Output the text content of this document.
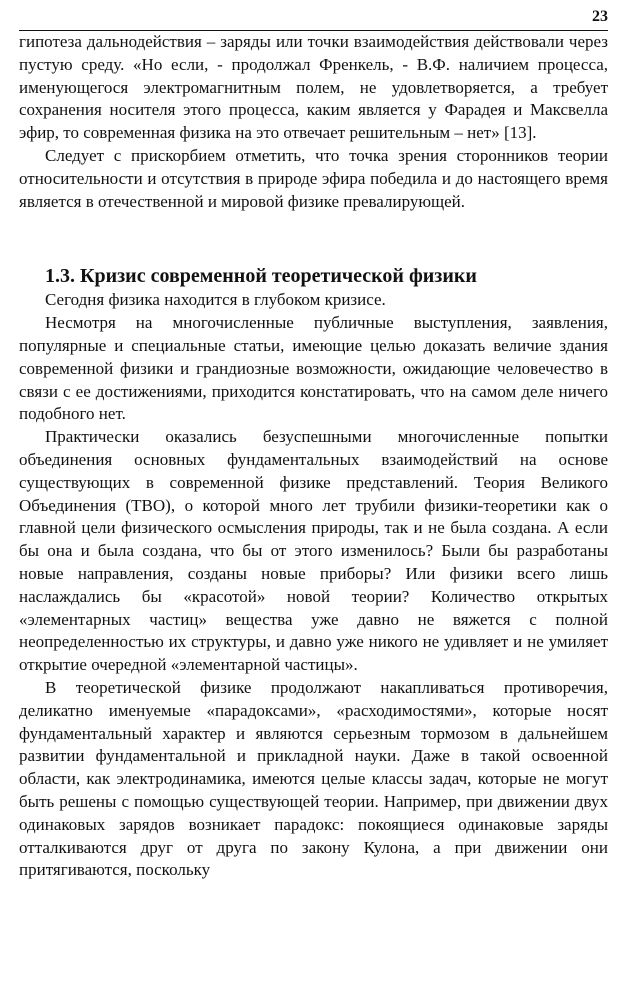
23

гипотеза дальнодействия – заряды или точки взаимодействия действовали через пустую среду. «Но если, - продолжал Френкель, - В.Ф. наличием процесса, именующегося электромагнитным полем, не удовлетворяется, а требует сохранения носителя этого процесса, каким является у Фарадея и Максвелла эфир, то современная физика на это отвечает решительным – нет» [13].

Следует с прискорбием отметить, что точка зрения сторонников теории относительности и отсутствия в природе эфира победила и до настоящего время является в отечественной и мировой физике превалирующей.

1.3. Кризис современной теоретической физики

Сегодня физика находится в глубоком кризисе.

Несмотря на многочисленные публичные выступления, заявления, популярные и специальные статьи, имеющие целью доказать величие здания современной физики и грандиозные возможности, ожидающие человечество в связи с ее достижениями, приходится констатировать, что на самом деле ничего подобного нет.

Практически оказались безуспешными многочисленные попытки объединения основных фундаментальных взаимодействий на основе существующих в современной физике представлений. Теория Великого Объединения (ТВО), о которой много лет трубили физики-теоретики как о главной цели физического осмысления природы, так и не была создана. А если бы она и была создана, что бы от этого изменилось? Были бы разработаны новые направления, созданы новые приборы? Или физики всего лишь наслаждались бы «красотой» новой теории? Количество открытых «элементарных частиц» вещества уже давно не вяжется с полной неопределенностью их структуры, и давно уже никого не удивляет и не умиляет открытие очередной «элементарной частицы».

В теоретической физике продолжают накапливаться противоречия, деликатно именуемые «парадоксами», «расходимостями», которые носят фундаментальный характер и являются серьезным тормозом в дальнейшем развитии фундаментальной и прикладной науки. Даже в такой освоенной области, как электродинамика, имеются целые классы задач, которые не могут быть решены с помощью существующей теории. Например, при движении двух одинаковых зарядов возникает парадокс: покоящиеся одинаковые заряды отталкиваются друг от друга по закону Кулона, а при движении они притягиваются, поскольку
